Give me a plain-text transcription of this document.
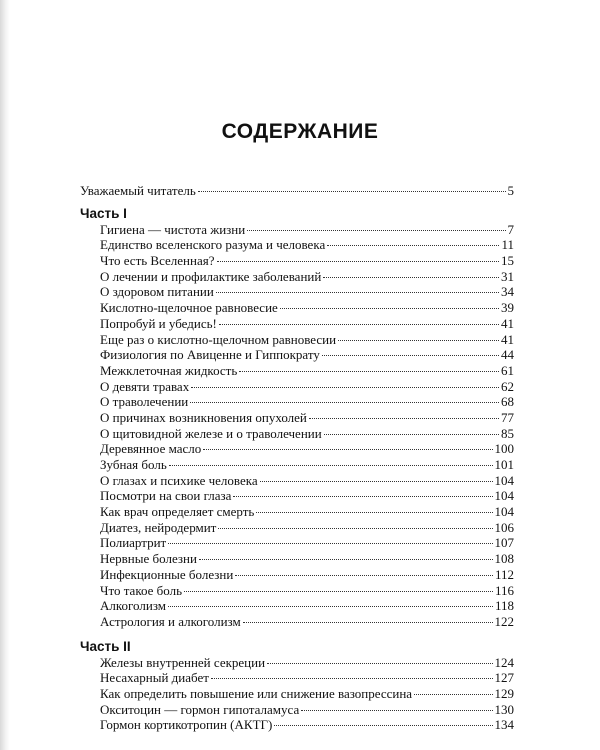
СОДЕРЖАНИЕ
Уважаемый читатель	5
Часть I
Гигиена — чистота жизни	7
Единство вселенского разума и человека	11
Что есть Вселенная?	15
О лечении и профилактике заболеваний	31
О здоровом питании	34
Кислотно-щелочное равновесие	39
Попробуй и убедись!	41
Еще раз о кислотно-щелочном равновесии	41
Физиология по Авиценне и Гиппократу	44
Межклеточная жидкость	61
О девяти травах	62
О траволечении	68
О причинах возникновения опухолей	77
О щитовидной железе и о траволечении	85
Деревянное масло	100
Зубная боль	101
О глазах и психике человека	104
Посмотри на свои глаза	104
Как врач определяет смерть	104
Диатез, нейродермит	106
Полиартрит	107
Нервные болезни	108
Инфекционные болезни	112
Что такое боль	116
Алкоголизм	118
Астрология и алкоголизм	122
Часть II
Железы внутренней секреции	124
Несахарный диабет	127
Как определить повышение или снижение вазопрессина	129
Окситоцин — гормон гипоталамуса	130
Гормон кортикотропин (АКТГ)	134
